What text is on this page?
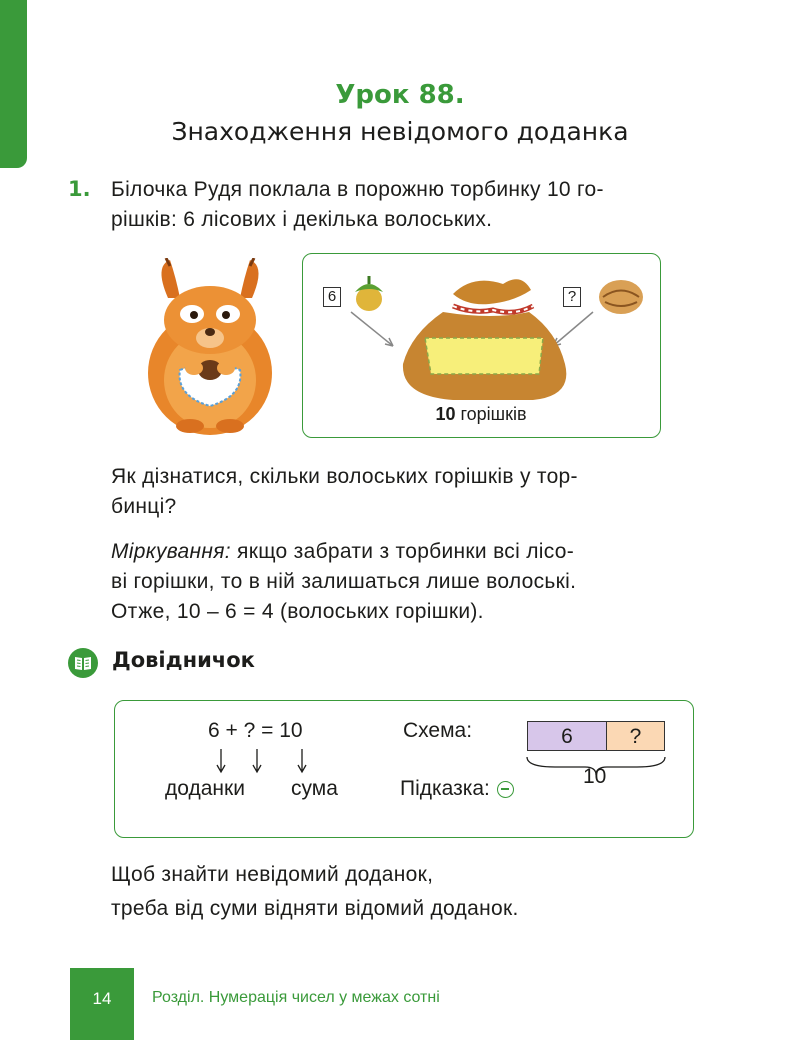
Урок 88.
Знаходження невідомого доданка
1. Білочка Рудя поклала в порожню торбинку 10 го-
рішків: 6 лісових і декілька волоських.
6	?
10 горішків
Як дізнатися, скільки волоських горішків у тор-
бинці?
Міркування: якщо забрати з торбинки всі лісо-
ві горішки, то в ній залишаться лише волоські.
Отже, 10 – 6 = 4 (волоських горішки).
Довідничок
6 + ? = 10
доданки сума
Схема:	6	?
10
Підказка:
Щоб знайти невідомий доданок,
треба від суми відняти відомий доданок.
14	Розділ. Нумерація чисел у межах сотні
